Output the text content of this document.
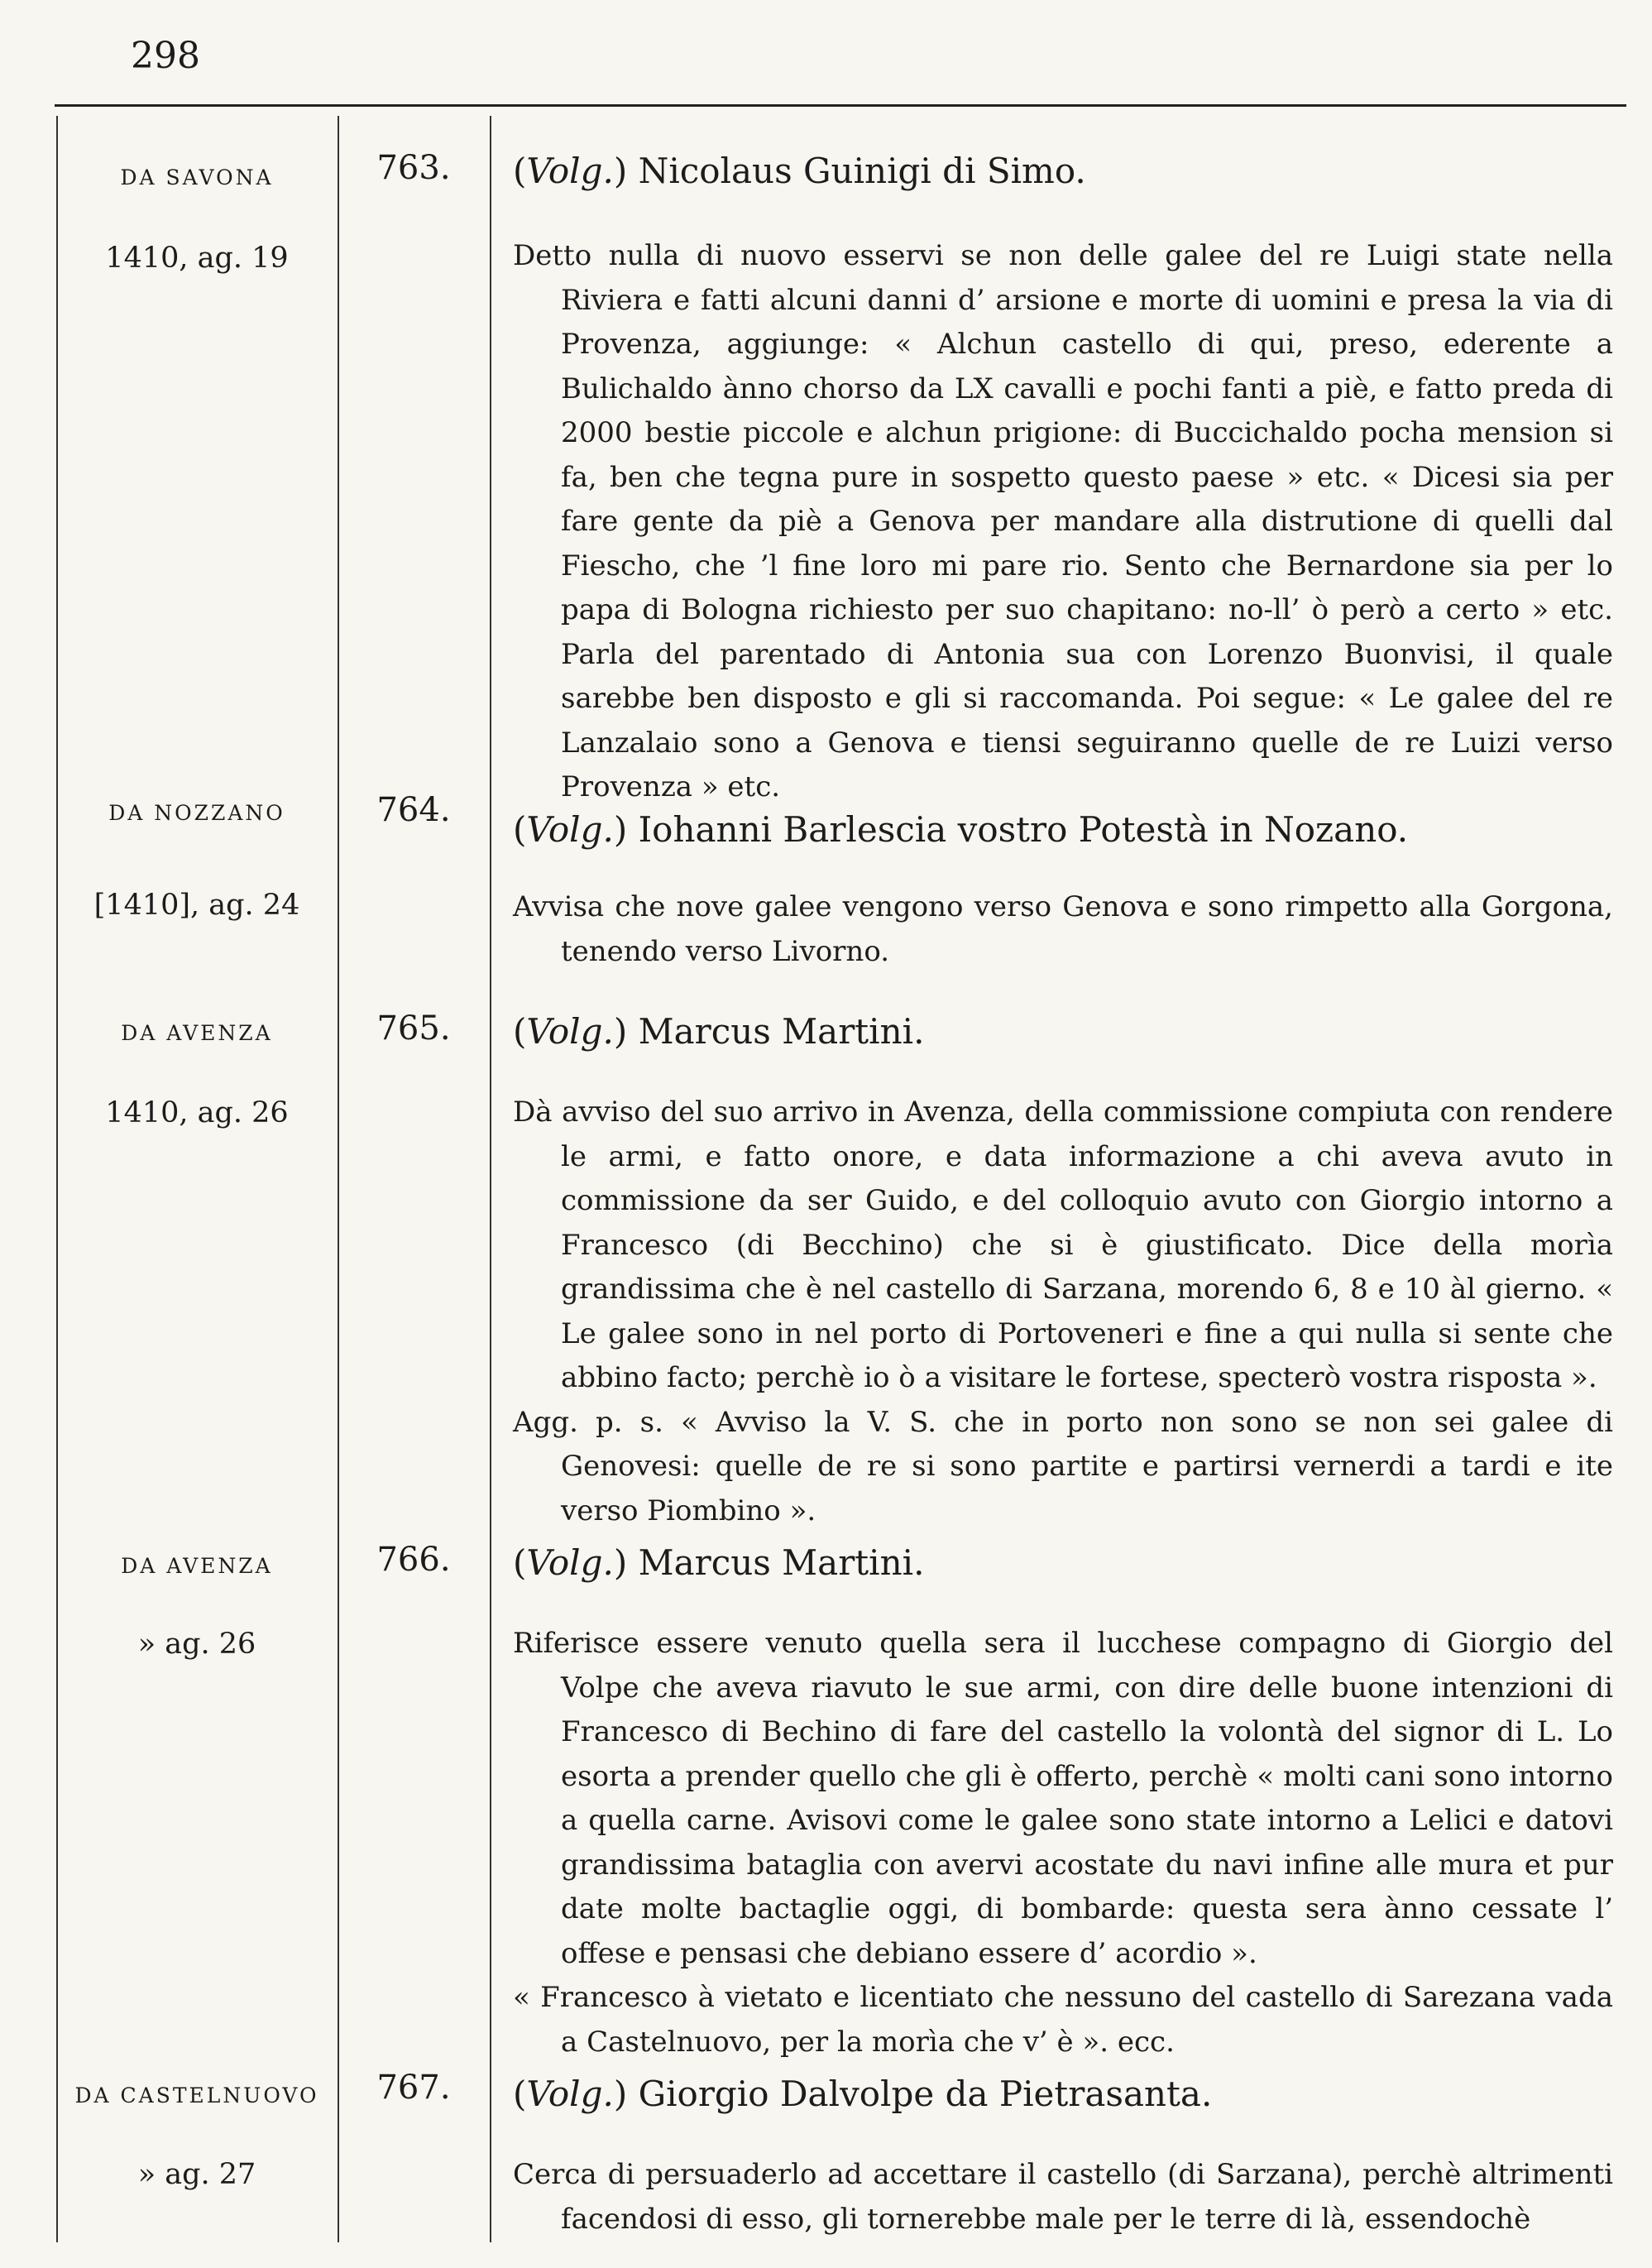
298
DA SAVONA	763.	(Volg.) Nicolaus Guinigi di Simo.
1410, ag. 19	Detto nulla di nuovo esservi se non delle galee del re Luigi state nella Riviera e fatti alcuni danni d’ arsione e morte di uomini e presa la via di Provenza, aggiunge: « Alchun castello di qui, preso, ederente a Bulichaldo ànno chorso da LX cavalli e pochi fanti a piè, e fatto preda di 2000 bestie piccole e alchun prigione: di Buccichaldo pocha mension si fa, ben che tegna pure in sospetto questo paese » etc. « Dicesi sia per fare gente da piè a Genova per mandare alla distrutione di quelli dal Fiescho, che ’l fine loro mi pare rio. Sento che Bernardone sia per lo papa di Bologna richiesto per suo chapitano: no-ll’ ò però a certo » etc. Parla del parentado di Antonia sua con Lorenzo Buonvisi, il quale sarebbe ben disposto e gli si raccomanda. Poi segue: « Le galee del re Lanzalaio sono a Genova e tiensi seguiranno quelle de re Luizi verso Provenza » etc.

DA NOZZANO	764.	(Volg.) Iohanni Barlescia vostro Potestà in Nozano.
[1410], ag. 24	Avvisa che nove galee vengono verso Genova e sono rimpetto alla Gorgona, tenendo verso Livorno.

DA AVENZA	765.	(Volg.) Marcus Martini.
1410, ag. 26	Dà avviso del suo arrivo in Avenza, della commissione compiuta con rendere le armi, e fatto onore, e data informazione a chi aveva avuto in commissione da ser Guido, e del colloquio avuto con Giorgio intorno a Francesco (di Becchino) che si è giustificato. Dice della morìa grandissima che è nel castello di Sarzana, morendo 6, 8 e 10 àl gierno. « Le galee sono in nel porto di Portoveneri e fine a qui nulla si sente che abbino facto; perchè io ò a visitare le fortese, specterò vostra risposta ».

Agg. p. s. « Avviso la V. S. che in porto non sono se non sei galee di Genovesi: quelle de re si sono partite e partirsi vernerdi a tardi e ite verso Piombino ».

DA AVENZA	766.	(Volg.) Marcus Martini.
» ag. 26	Riferisce essere venuto quella sera il lucchese compagno di Giorgio del Volpe che aveva riavuto le sue armi, con dire delle buone intenzioni di Francesco di Bechino di fare del castello la volontà del signor di L. Lo esorta a prender quello che gli è offerto, perchè « molti cani sono intorno a quella carne. Avisovi come le galee sono state intorno a Lelici e datovi grandissima bataglia con avervi acostate du navi infine alle mura et pur date molte bactaglie oggi, di bombarde: questa sera ànno cessate l’ offese e pensasi che debiano essere d’ acordio ».

« Francesco à vietato e licentiato che nessuno del castello di Sarezana vada a Castelnuovo, per la morìa che v’ è ». ecc.

DA CASTELNUOVO	767.	(Volg.) Giorgio Dalvolpe da Pietrasanta.
» ag. 27	Cerca di persuaderlo ad accettare il castello (di Sarzana), perchè altrimenti facendosi di esso, gli tornerebbe male per le terre di là, essendochè
